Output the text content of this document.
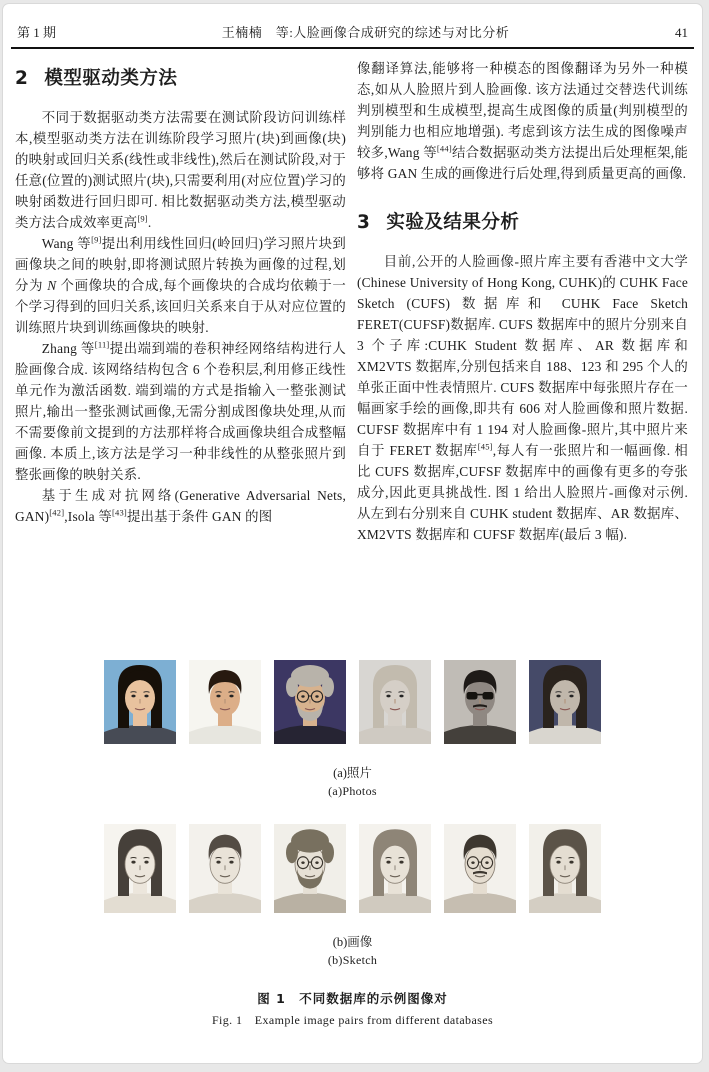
第 1 期	王楠楠　等:人脸画像合成研究的综述与对比分析	41
2 模型驱动类方法

不同于数据驱动类方法需要在测试阶段访问训练样本,模型驱动类方法在训练阶段学习照片(块)到画像(块)的映射或回归关系(线性或非线性),然后在测试阶段,对于任意(位置的)测试照片(块),只需要利用(对应位置)学习的映射函数进行回归即可. 相比数据驱动类方法,模型驱动类方法合成效率更高[9].

Wang 等[9]提出利用线性回归(岭回归)学习照片块到画像块之间的映射,即将测试照片转换为画像的过程,划分为 N 个画像块的合成,每个画像块的合成均依赖于一个学习得到的回归关系,该回归关系来自于从对应位置的训练照片块到训练画像块的映射.

Zhang 等[11]提出端到端的卷积神经网络结构进行人脸画像合成. 该网络结构包含 6 个卷积层,利用修正线性单元作为激活函数. 端到端的方式是指输入一整张测试照片,输出一整张测试画像,无需分割成图像块处理,从而不需要像前文提到的方法那样将合成画像块组合成整幅画像. 本质上,该方法是学习一种非线性的从整张照片到整张画像的映射关系.

基于生成对抗网络(Generative Adversarial Nets, GAN)[42],Isola 等[43]提出基于条件 GAN 的图

像翻译算法,能够将一种模态的图像翻译为另外一种模态,如从人脸照片到人脸画像. 该方法通过交替迭代训练判别模型和生成模型,提高生成图像的质量(判别模型的判别能力也相应地增强). 考虑到该方法生成的图像噪声较多,Wang 等[44]结合数据驱动类方法提出后处理框架,能够将 GAN 生成的画像进行后处理,得到质量更高的画像.

3 实验及结果分析

目前,公开的人脸画像-照片库主要有香港中文大学(Chinese University of Hong Kong, CUHK)的 CUHK Face Sketch (CUFS) 数据库和 CUHK Face Sketch FERET(CUFSF)数据库. CUFS 数据库中的照片分别来自 3 个子库:CUHK Student 数据库、AR 数据库和 XM2VTS 数据库,分别包括来自 188、123 和 295 个人的单张正面中性表情照片. CUFS 数据库中每张照片存在一幅画家手绘的画像,即共有 606 对人脸画像和照片数据. CUFSF 数据库中有 1 194 对人脸画像-照片,其中照片来自于 FERET 数据库[45],每人有一张照片和一幅画像. 相比 CUFS 数据库,CUFSF 数据库中的画像有更多的夸张成分,因此更具挑战性. 图 1 给出人脸照片-画像对示例. 从左到右分别来自 CUHK student 数据库、AR 数据库、XM2VTS 数据库和 CUFSF 数据库(最后 3 幅).

(a)照片
(a)Photos
(b)画像
(b)Sketch
图 1　不同数据库的示例图像对
Fig. 1　Example image pairs from different databases
